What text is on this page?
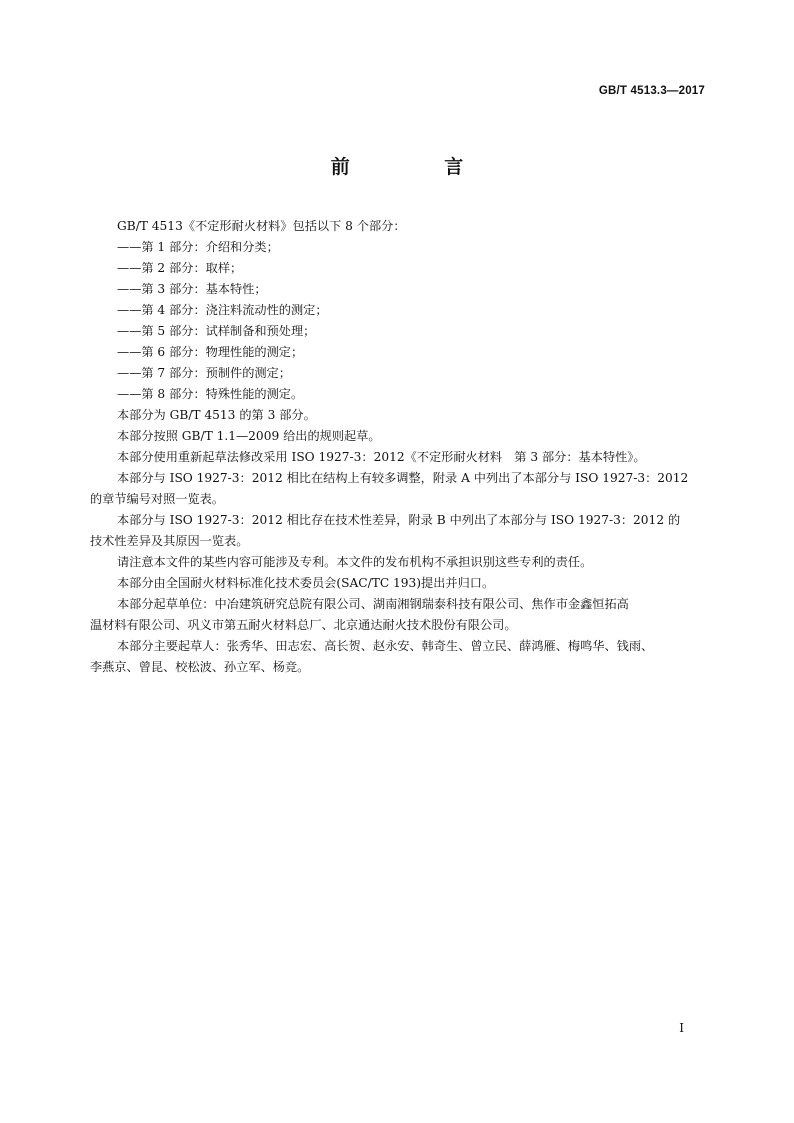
GB/T 4513.3—2017
前 言

GB/T 4513《不定形耐火材料》包括以下 8 个部分：

——第 1 部分：介绍和分类；

——第 2 部分：取样；

——第 3 部分：基本特性；

——第 4 部分：浇注料流动性的测定；

——第 5 部分：试样制备和预处理；

——第 6 部分：物理性能的测定；

——第 7 部分：预制件的测定；

——第 8 部分：特殊性能的测定。

本部分为 GB/T 4513 的第 3 部分。

本部分按照 GB/T 1.1—2009 给出的规则起草。

本部分使用重新起草法修改采用 ISO 1927-3：2012《不定形耐火材料　第 3 部分：基本特性》。

本部分与 ISO 1927-3：2012 相比在结构上有较多调整，附录 A 中列出了本部分与 ISO 1927-3：2012

的章节编号对照一览表。

本部分与 ISO 1927-3：2012 相比存在技术性差异，附录 B 中列出了本部分与 ISO 1927-3：2012 的

技术性差异及其原因一览表。

请注意本文件的某些内容可能涉及专利。本文件的发布机构不承担识别这些专利的责任。

本部分由全国耐火材料标准化技术委员会(SAC/TC 193)提出并归口。

本部分起草单位：中冶建筑研究总院有限公司、湖南湘钢瑞泰科技有限公司、焦作市金鑫恒拓高

温材料有限公司、巩义市第五耐火材料总厂、北京通达耐火技术股份有限公司。

本部分主要起草人：张秀华、田志宏、高长贺、赵永安、韩奇生、曾立民、薛鸿雁、梅鸣华、钱雨、

李燕京、曾昆、校松波、孙立军、杨竞。

I
